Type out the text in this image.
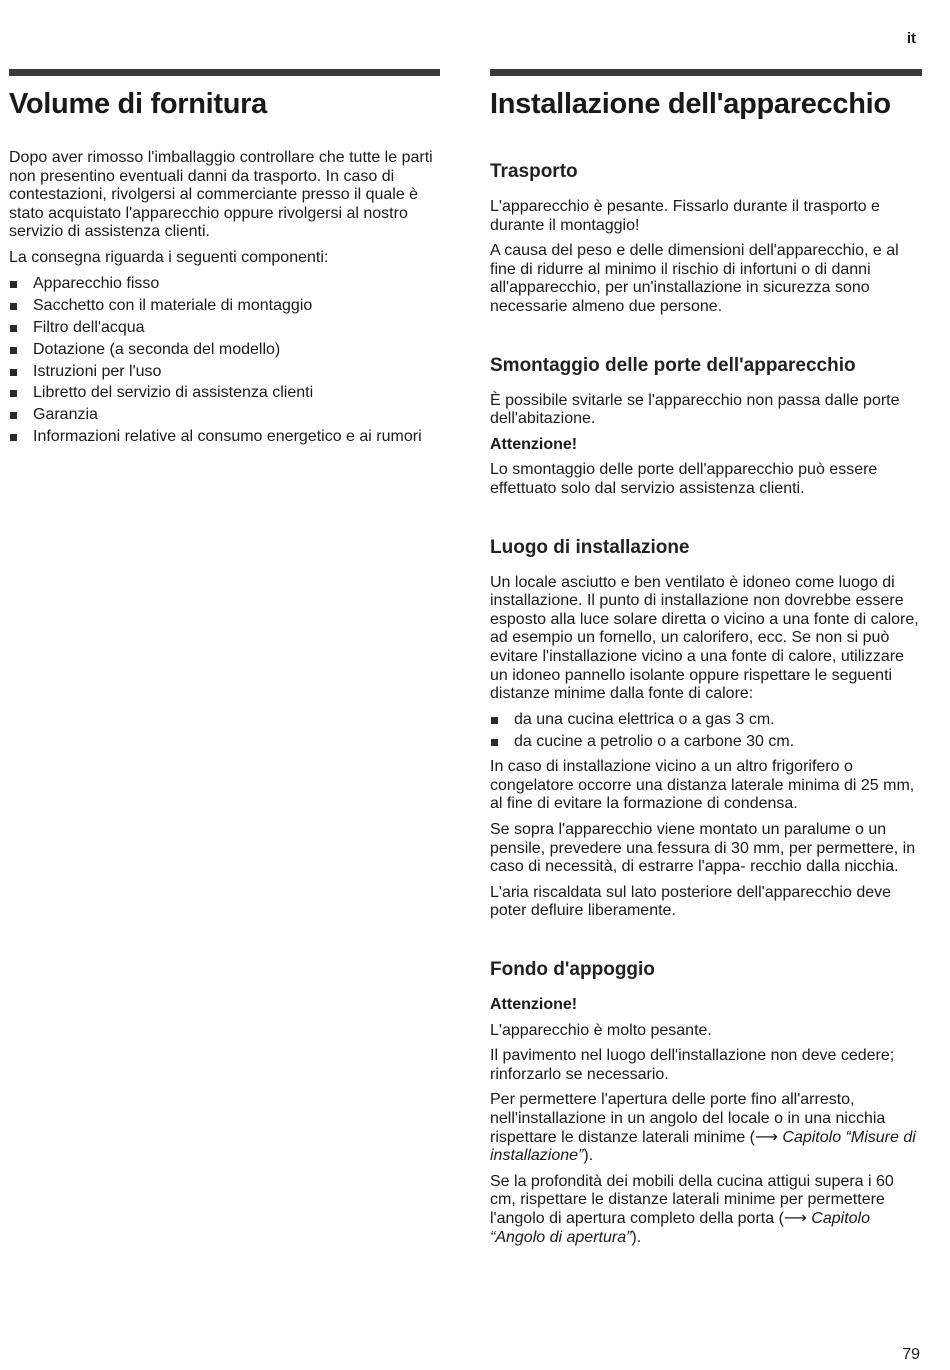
it
Volume di fornitura

Dopo aver rimosso l'imballaggio controllare che tutte le parti non presentino eventuali danni da trasporto. In caso di contestazioni, rivolgersi al commerciante presso il quale è stato acquistato l'apparecchio oppure rivolgersi al nostro servizio di assistenza clienti.

La consegna riguarda i seguenti componenti:

Apparecchio fisso
Sacchetto con il materiale di montaggio
Filtro dell'acqua
Dotazione (a seconda del modello)
Istruzioni per l'uso
Libretto del servizio di assistenza clienti
Garanzia
Informazioni relative al consumo energetico e ai rumori
Installazione dell'apparecchio
Trasporto

L'apparecchio è pesante. Fissarlo durante il trasporto e durante il montaggio!

A causa del peso e delle dimensioni dell'apparecchio, e al fine di ridurre al minimo il rischio di infortuni o di danni all'apparecchio, per un'installazione in sicurezza sono necessarie almeno due persone.

Smontaggio delle porte dell'apparecchio

È possibile svitarle se l'apparecchio non passa dalle porte dell'abitazione.

Attenzione!

Lo smontaggio delle porte dell'apparecchio può essere effettuato solo dal servizio assistenza clienti.

Luogo di installazione

Un locale asciutto e ben ventilato è idoneo come luogo di installazione. Il punto di installazione non dovrebbe essere esposto alla luce solare diretta o vicino a una fonte di calore, ad esempio un fornello, un calorifero, ecc. Se non si può evitare l'installazione vicino a una fonte di calore, utilizzare un idoneo pannello isolante oppure rispettare le seguenti distanze minime dalla fonte di calore:

da una cucina elettrica o a gas 3 cm.
da cucine a petrolio o a carbone 30 cm.

In caso di installazione vicino a un altro frigorifero o congelatore occorre una distanza laterale minima di 25 mm, al fine di evitare la formazione di condensa.

Se sopra l'apparecchio viene montato un paralume o un pensile, prevedere una fessura di 30 mm, per permettere, in caso di necessità, di estrarre l'appa- recchio dalla nicchia.

L'aria riscaldata sul lato posteriore dell'apparecchio deve poter defluire liberamente.

Fondo d'appoggio
Attenzione!

L'apparecchio è molto pesante.

Il pavimento nel luogo dell'installazione non deve cedere; rinforzarlo se necessario.

Per permettere l'apertura delle porte fino all'arresto, nell'installazione in un angolo del locale o in una nicchia rispettare le distanze laterali minime (⟶ Capitolo “Misure di installazione”).

Se la profondità dei mobili della cucina attigui supera i 60 cm, rispettare le distanze laterali minime per permettere l'angolo di apertura completo della porta (⟶ Capitolo “Angolo di apertura”).

79
